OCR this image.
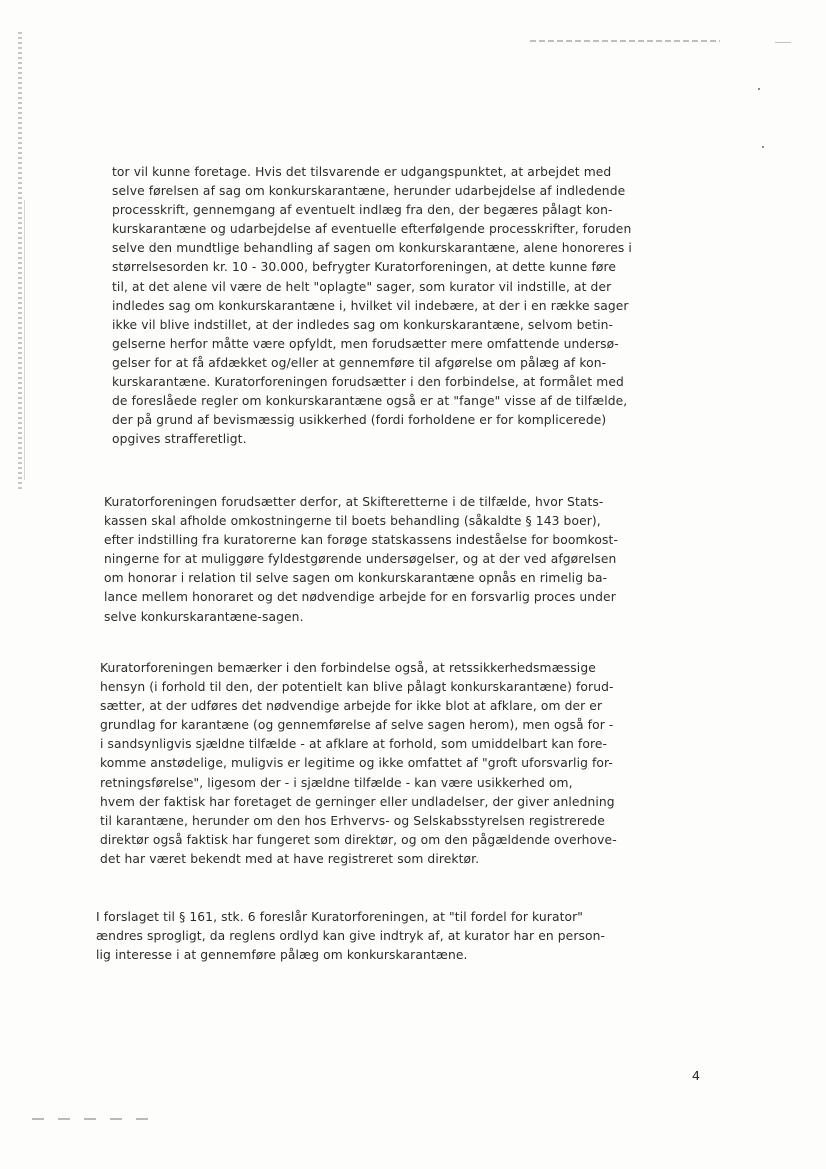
tor vil kunne foretage. Hvis det tilsvarende er udgangspunktet, at arbejdet med
selve førelsen af sag om konkurskarantæne, herunder udarbejdelse af indledende
processkrift, gennemgang af eventuelt indlæg fra den, der begæres pålagt kon-
kurskarantæne og udarbejdelse af eventuelle efterfølgende processkrifter, foruden
selve den mundtlige behandling af sagen om konkurskarantæne, alene honoreres i
størrelsesorden kr. 10 - 30.000, befrygter Kuratorforeningen, at dette kunne føre
til, at det alene vil være de helt "oplagte" sager, som kurator vil indstille, at der
indledes sag om konkurskarantæne i, hvilket vil indebære, at der i en række sager
ikke vil blive indstillet, at der indledes sag om konkurskarantæne, selvom betin-
gelserne herfor måtte være opfyldt, men forudsætter mere omfattende undersø-
gelser for at få afdækket og/eller at gennemføre til afgørelse om pålæg af kon-
kurskarantæne. Kuratorforeningen forudsætter i den forbindelse, at formålet med
de foreslåede regler om konkurskarantæne også er at "fange" visse af de tilfælde,
der på grund af bevismæssig usikkerhed (fordi forholdene er for komplicerede)
opgives strafferetligt.
Kuratorforeningen forudsætter derfor, at Skifteretterne i de tilfælde, hvor Stats-
kassen skal afholde omkostningerne til boets behandling (såkaldte § 143 boer),
efter indstilling fra kuratorerne kan forøge statskassens indeståelse for boomkost-
ningerne for at muliggøre fyldestgørende undersøgelser, og at der ved afgørelsen
om honorar i relation til selve sagen om konkurskarantæne opnås en rimelig ba-
lance mellem honoraret og det nødvendige arbejde for en forsvarlig proces under
selve konkurskarantæne-sagen.
Kuratorforeningen bemærker i den forbindelse også, at retssikkerhedsmæssige
hensyn (i forhold til den, der potentielt kan blive pålagt konkurskarantæne) forud-
sætter, at der udføres det nødvendige arbejde for ikke blot at afklare, om der er
grundlag for karantæne (og gennemførelse af selve sagen herom), men også for -
i sandsynligvis sjældne tilfælde - at afklare at forhold, som umiddelbart kan fore-
komme anstødelige, muligvis er legitime og ikke omfattet af "groft uforsvarlig for-
retningsførelse", ligesom der - i sjældne tilfælde - kan være usikkerhed om,
hvem der faktisk har foretaget de gerninger eller undladelser, der giver anledning
til karantæne, herunder om den hos Erhvervs- og Selskabsstyrelsen registrerede
direktør også faktisk har fungeret som direktør, og om den pågældende overhove-
det har været bekendt med at have registreret som direktør.
I forslaget til § 161, stk. 6 foreslår Kuratorforeningen, at "til fordel for kurator"
ændres sprogligt, da reglens ordlyd kan give indtryk af, at kurator har en person-
lig interesse i at gennemføre pålæg om konkurskarantæne.
4
